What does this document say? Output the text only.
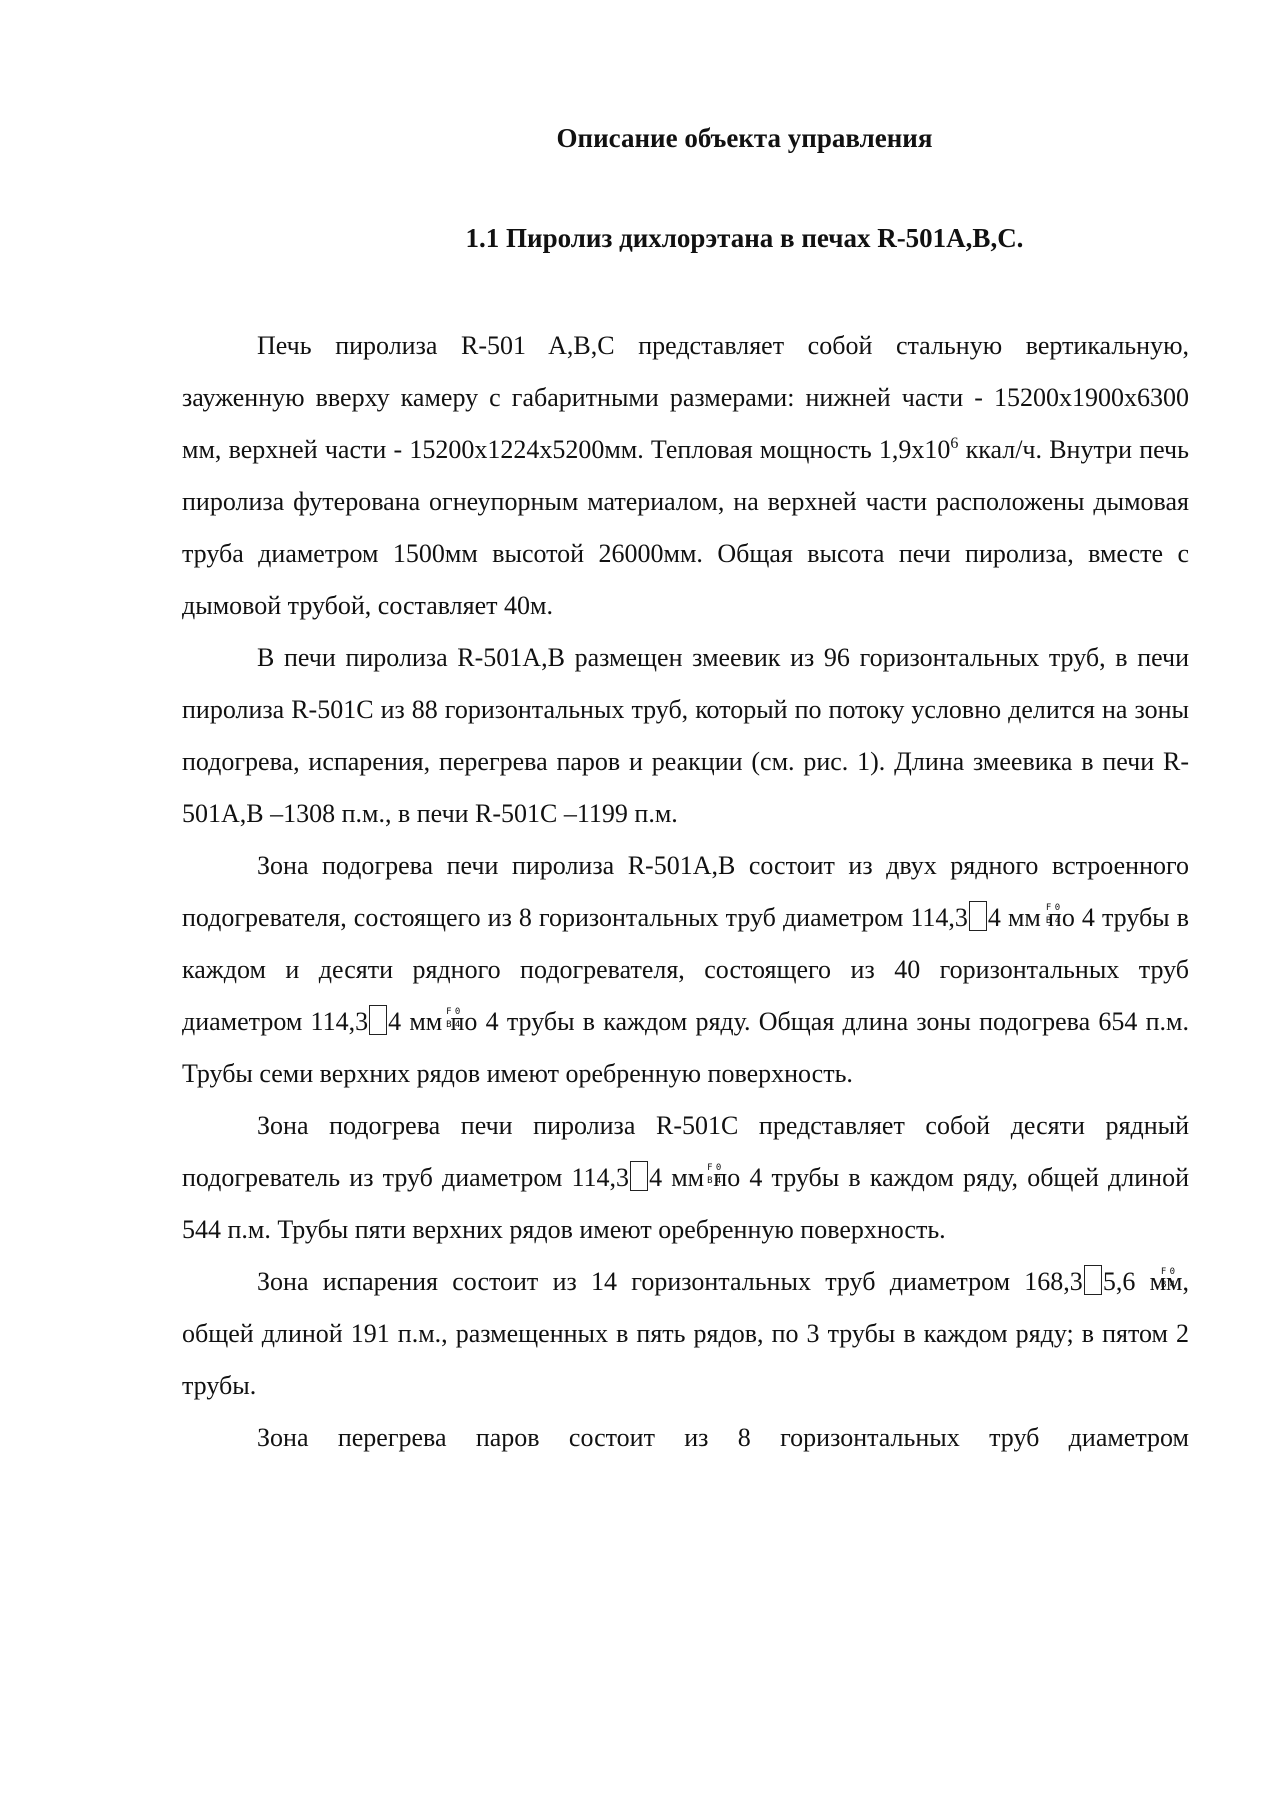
Описание объекта управления
1.1 Пиролиз дихлорэтана в печах R-501A,B,C.

Печь пиролиза R-501 A,B,C представляет собой стальную вертикальную, зауженную вверху камеру с габаритными размерами: нижней части - 15200х1900х6300 мм, верхней части - 15200х1224х5200мм. Тепловая мощность $1,9х10^6$ ккал/ч. Внутри печь пиролиза футерована огнеупорным материалом, на верхней части расположены дымовая труба диаметром 1500мм высотой 26000мм. Общая высота печи пиролиза, вместе с дымовой трубой, составляет 40м.

В печи пиролиза R-501A,B размещен змеевик из 96 горизонтальных труб, в печи пиролиза R-501C из 88 горизонтальных труб, который по потоку условно делится на зоны подогрева, испарения, перегрева паров и реакции (см. рис. 1). Длина змеевика в печи R-501A,B –1308 п.м., в печи R-501C –1199 п.м.

Зона подогрева печи пиролиза R-501A,B состоит из двух рядного встроенного подогревателя, состоящего из 8 горизонтальных труб диаметром 114,3 F 0 B 4 4 мм по 4 трубы в каждом и десяти рядного подогревателя, состоящего из 40 горизонтальных труб диаметром 114,3 F 0 B 4 4 мм по 4 трубы в каждом ряду. Общая длина зоны подогрева 654 п.м. Трубы семи верхних рядов имеют оребренную поверхность.

Зона подогрева печи пиролиза R-501C представляет собой десяти рядный подогреватель из труб диаметром 114,3 F 0 B 4 4 мм по 4 трубы в каждом ряду, общей длиной 544 п.м. Трубы пяти верхних рядов имеют оребренную поверхность.

Зона испарения состоит из 14 горизонтальных труб диаметром 168,3 F 0 B 4 5,6 мм, общей длиной 191 п.м., размещенных в пять рядов, по 3 трубы в каждом ряду; в пятом 2 трубы.

Зона перегрева паров состоит из 8 горизонтальных труб диаметром
